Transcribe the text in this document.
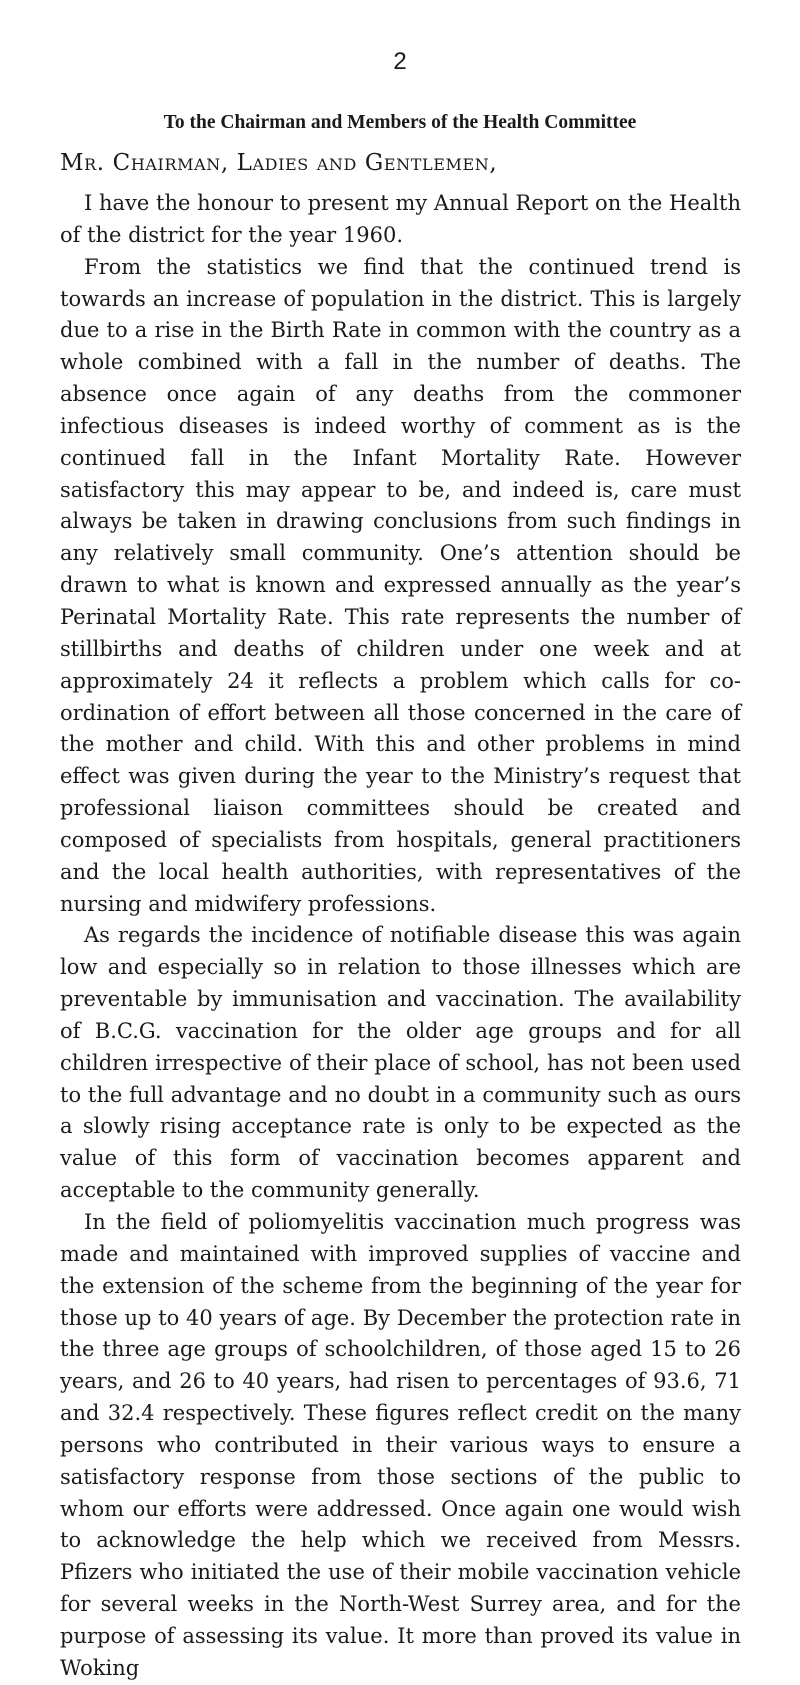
2
To the Chairman and Members of the Health Committee
Mr. Chairman, Ladies and Gentlemen,

I have the honour to present my Annual Report on the Health of the district for the year 1960.

From the statistics we find that the continued trend is towards an increase of population in the district. This is largely due to a rise in the Birth Rate in common with the country as a whole combined with a fall in the number of deaths. The absence once again of any deaths from the commoner infectious diseases is indeed worthy of comment as is the continued fall in the Infant Mortality Rate. However satisfactory this may appear to be, and indeed is, care must always be taken in drawing conclusions from such findings in any relatively small community. One’s attention should be drawn to what is known and expressed annually as the year’s Perinatal Mortality Rate. This rate represents the number of stillbirths and deaths of children under one week and at approximately 24 it reflects a problem which calls for co-ordination of effort between all those concerned in the care of the mother and child. With this and other problems in mind effect was given during the year to the Ministry’s request that professional liaison committees should be created and composed of specialists from hospitals, general practitioners and the local health authorities, with representatives of the nursing and midwifery professions.

As regards the incidence of notifiable disease this was again low and especially so in relation to those illnesses which are preventable by immunisation and vaccination. The availability of B.C.G. vaccination for the older age groups and for all children irrespective of their place of school, has not been used to the full advantage and no doubt in a community such as ours a slowly rising acceptance rate is only to be expected as the value of this form of vaccination becomes apparent and acceptable to the community generally.

In the field of poliomyelitis vaccination much progress was made and maintained with improved supplies of vaccine and the extension of the scheme from the beginning of the year for those up to 40 years of age. By December the protection rate in the three age groups of schoolchildren, of those aged 15 to 26 years, and 26 to 40 years, had risen to percentages of 93.6, 71 and 32.4 respectively. These figures reflect credit on the many persons who contributed in their various ways to ensure a satisfactory response from those sections of the public to whom our efforts were addressed. Once again one would wish to acknowledge the help which we received from Messrs. Pfizers who initiated the use of their mobile vaccination vehicle for several weeks in the North-West Surrey area, and for the purpose of assessing its value. It more than proved its value in Woking
